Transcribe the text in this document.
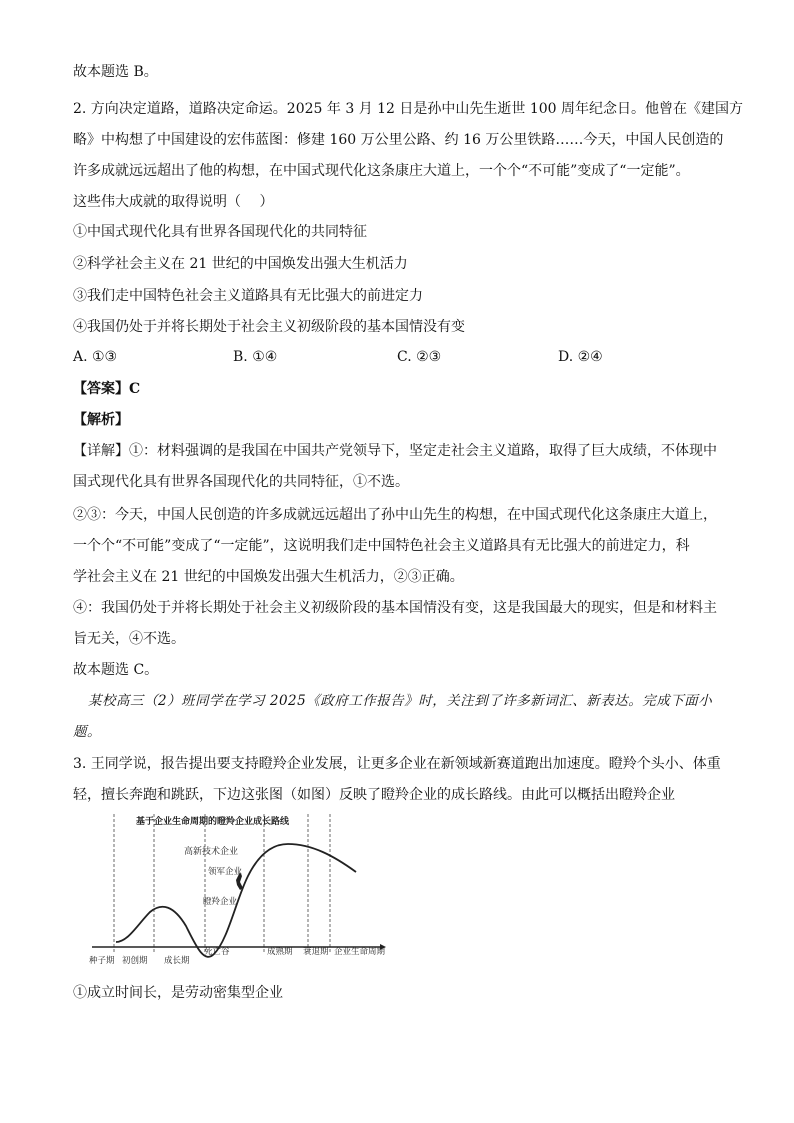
故本题选 B。
2. 方向决定道路，道路决定命运。2025 年 3 月 12 日是孙中山先生逝世 100 周年纪念日。他曾在《建国方
略》中构想了中国建设的宏伟蓝图：修建 160 万公里公路、约 16 万公里铁路……今天，中国人民创造的
许多成就远远超出了他的构想，在中国式现代化这条康庄大道上，一个个“不可能”变成了“一定能”。
这些伟大成就的取得说明（　 ）
①中国式现代化具有世界各国现代化的共同特征
②科学社会主义在 21 世纪的中国焕发出强大生机活力
③我们走中国特色社会主义道路具有无比强大的前进定力
④我国仍处于并将长期处于社会主义初级阶段的基本国情没有变
A. ①③	B. ①④	C. ②③	D. ②④
【答案】C
【解析】
【详解】①：材料强调的是我国在中国共产党领导下，坚定走社会主义道路，取得了巨大成绩，不体现中
国式现代化具有世界各国现代化的共同特征，①不选。
②③：今天，中国人民创造的许多成就远远超出了孙中山先生的构想，在中国式现代化这条康庄大道上，
一个个“不可能”变成了“一定能”，这说明我们走中国特色社会主义道路具有无比强大的前进定力，科
学社会主义在 21 世纪的中国焕发出强大生机活力，②③正确。
④：我国仍处于并将长期处于社会主义初级阶段的基本国情没有变，这是我国最大的现实，但是和材料主
旨无关，④不选。
故本题选 C。
某校高三（2）班同学在学习 2025《政府工作报告》时，关注到了许多新词汇、新表达。完成下面小
题。
3. 王同学说，报告提出要支持瞪羚企业发展，让更多企业在新领域新赛道跑出加速度。瞪羚个头小、体重
轻，擅长奔跑和跳跃，下边这张图（如图）反映了瞪羚企业的成长路线。由此可以概括出瞪羚企业
基于企业生命周期的瞪羚企业成长路线
高新技术企业
领军企业
瞪羚企业
种子期 初创期 成长期
死亡谷	成熟期 衰退期 企业生命周期
①成立时间长，是劳动密集型企业
